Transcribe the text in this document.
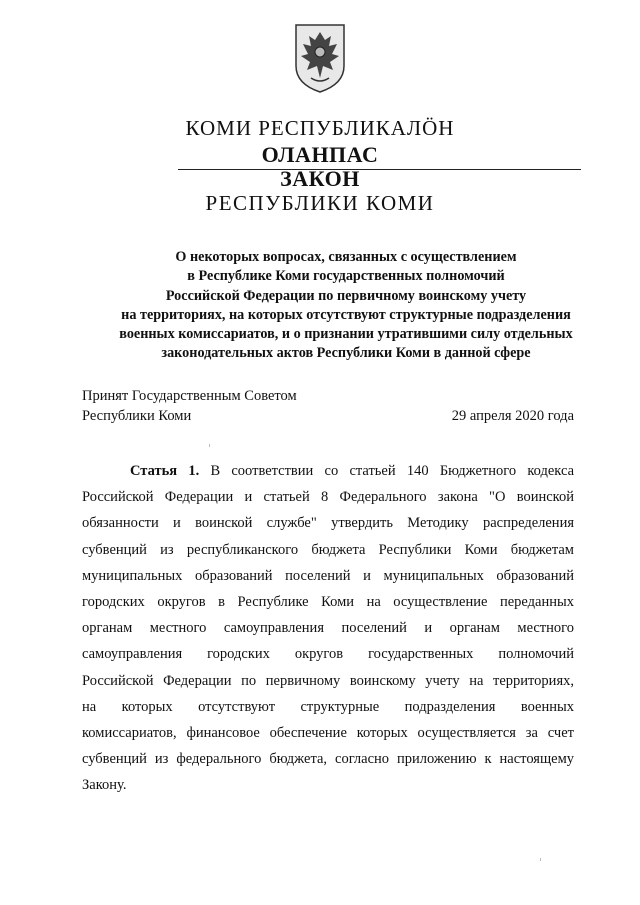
КОМИ РЕСПУБЛИКАЛÖН
ОЛАНПАС
ЗАКОН
РЕСПУБЛИКИ КОМИ
О некоторых вопросах, связанных с осуществлением
в Республике Коми государственных полномочий
Российской Федерации по первичному воинскому учету
на территориях, на которых отсутствуют структурные подразделения
военных комиссариатов, и о признании утратившими силу отдельных
законодательных актов Республики Коми в данной сфере
Принят Государственным Советом
Республики Коми	29 апреля 2020 года
Статья 1. В соответствии со статьей 140 Бюджетного кодекса
Российской Федерации и статьей 8 Федерального закона "О воинской
обязанности и воинской службе" утвердить Методику распределения
субвенций из республиканского бюджета Республики Коми бюджетам
муниципальных образований поселений и муниципальных образований
городских округов в Республике Коми на осуществление переданных
органам местного самоуправления поселений и органам местного
самоуправления городских округов государственных полномочий
Российской Федерации по первичному воинскому учету на территориях,
на которых отсутствуют структурные подразделения военных
комиссариатов, финансовое обеспечение которых осуществляется за счет
субвенций из федерального бюджета, согласно приложению к настоящему
Закону.
